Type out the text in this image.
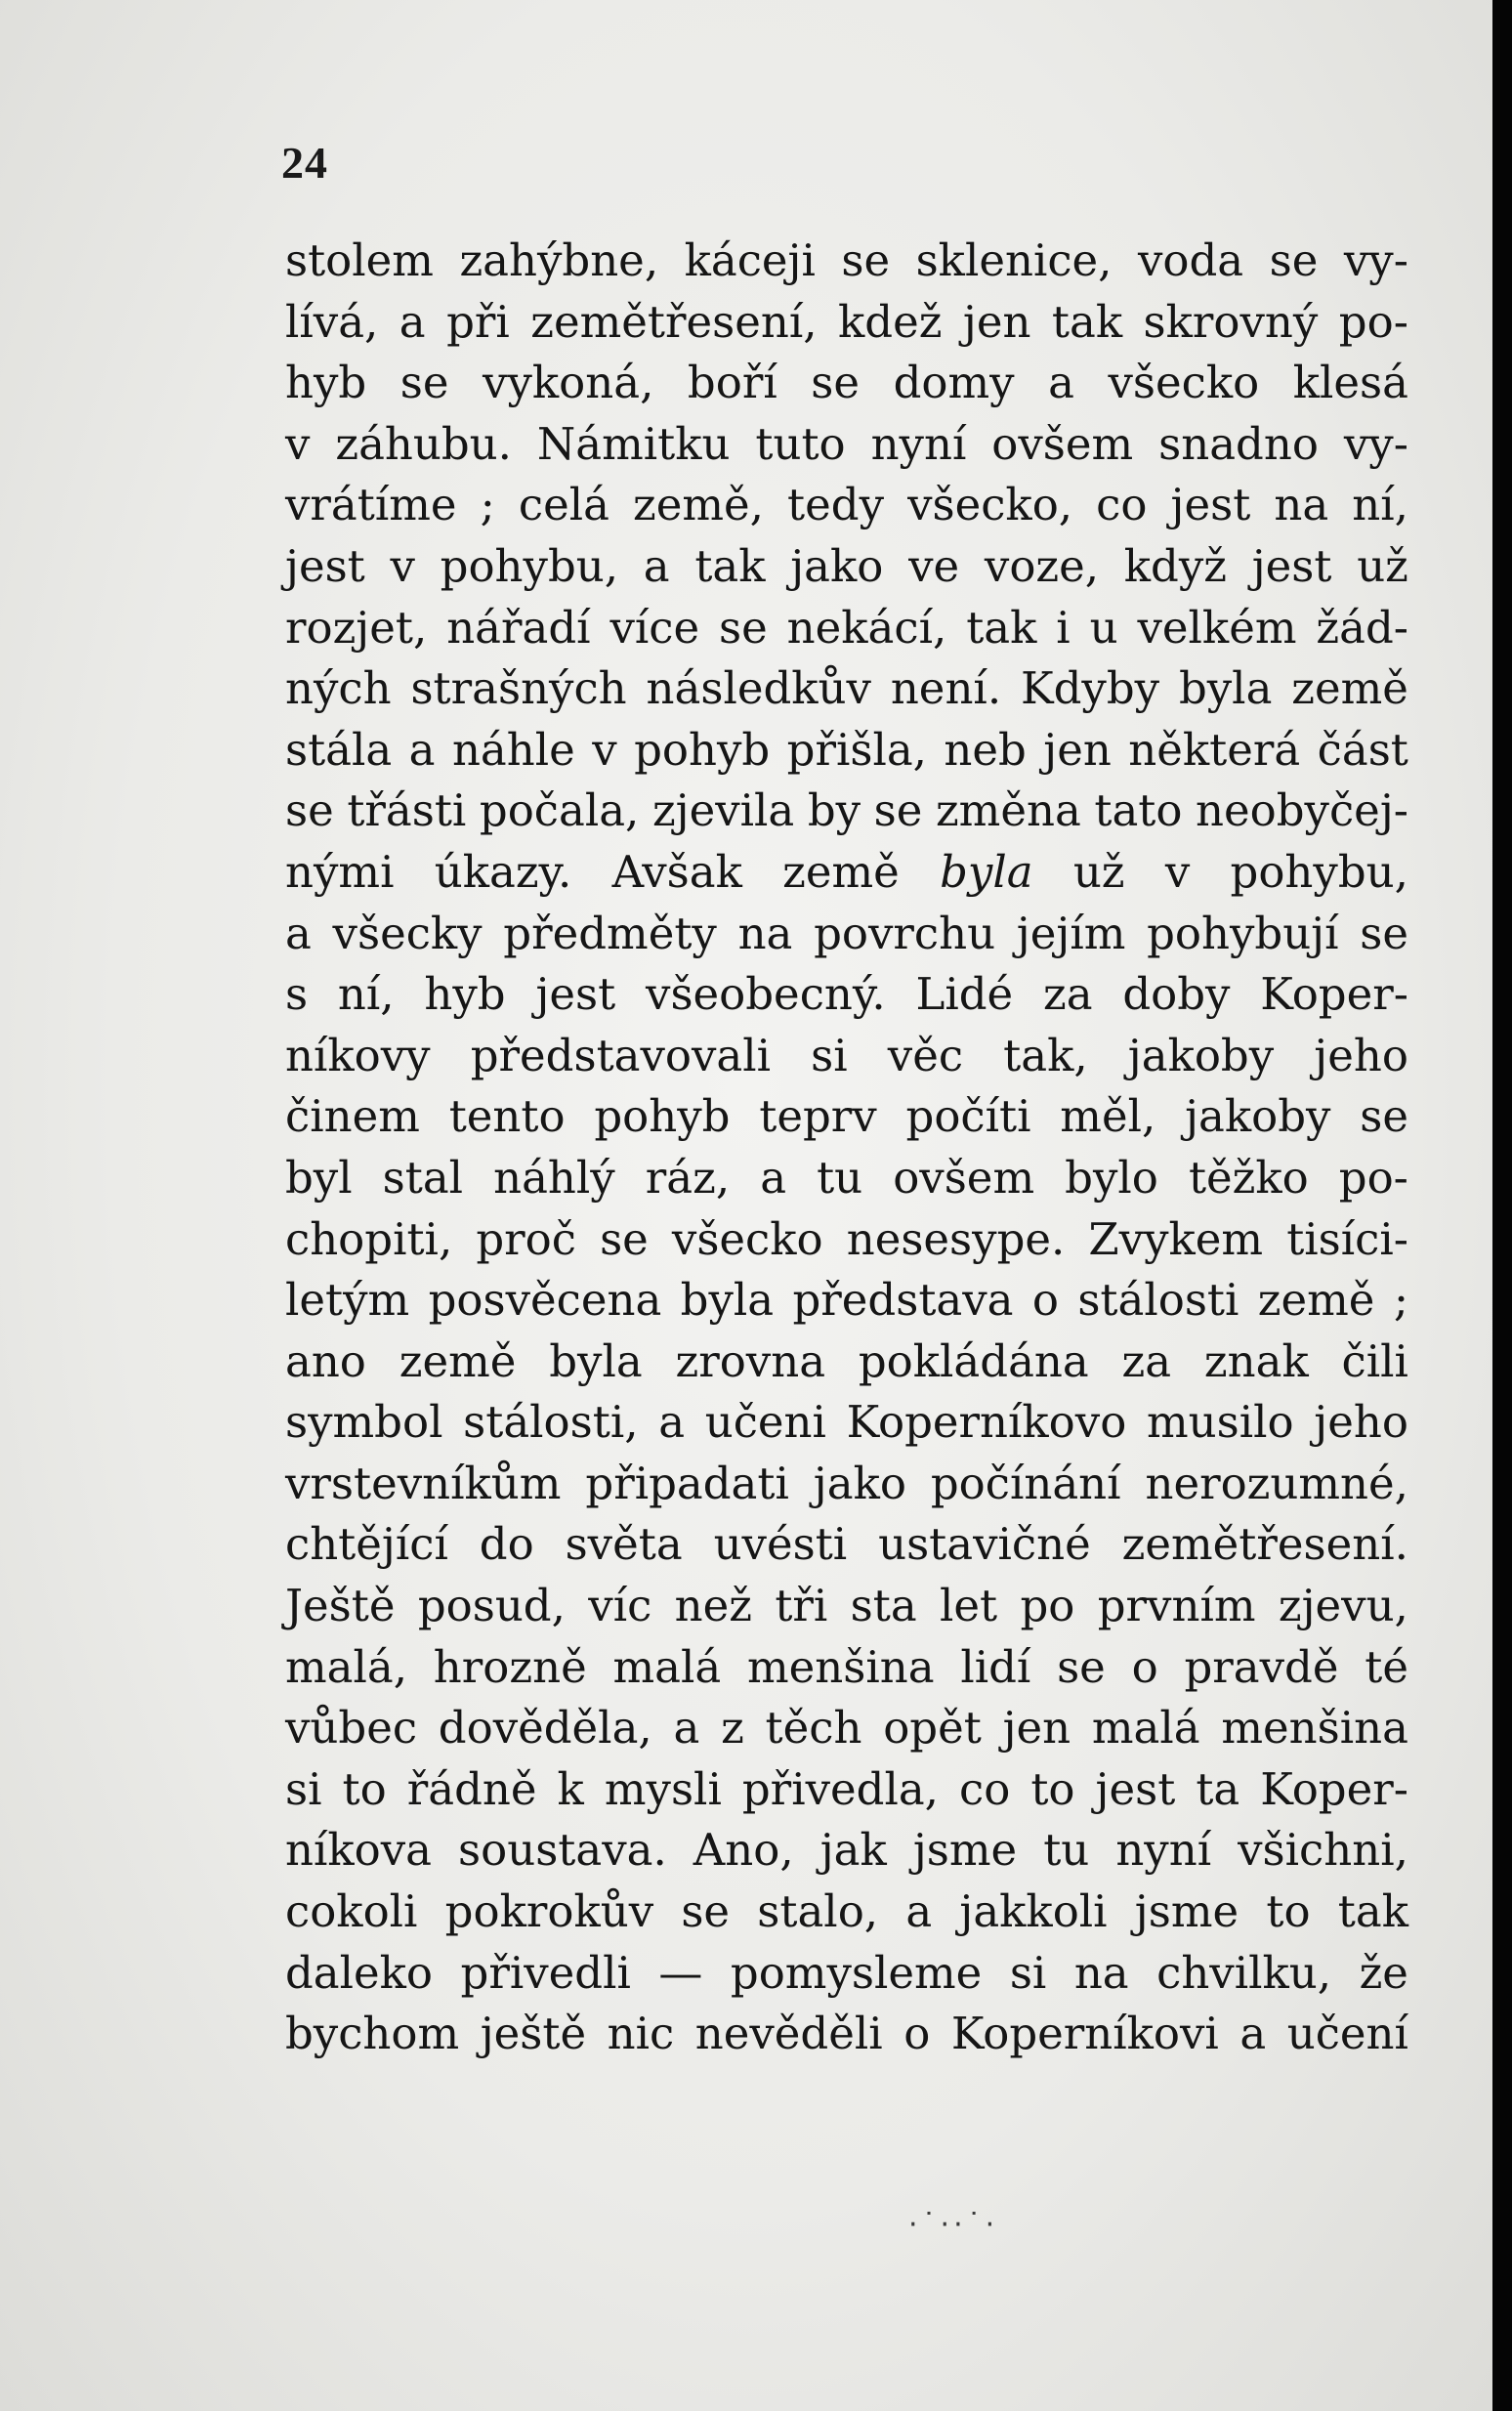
24
stolem zahýbne, káceji se sklenice, voda se vy-
lívá, a při zemětřesení, kdež jen tak skrovný po-
hyb se vykoná, boří se domy a všecko klesá
v záhubu. Námitku tuto nyní ovšem snadno vy-
vrátíme ; celá země, tedy všecko, co jest na ní,
jest v pohybu, a tak jako ve voze, když jest už
rozjet, nářadí více se nekácí, tak i u velkém žád-
ných strašných následkův není. Kdyby byla země
stála a náhle v pohyb přišla, neb jen některá část
se třásti počala, zjevila by se změna tato neobyčej-
nými úkazy. Avšak země byla už v pohybu,
a všecky předměty na povrchu jejím pohybují se
s ní, hyb jest všeobecný. Lidé za doby Koper-
níkovy představovali si věc tak, jakoby jeho
činem tento pohyb teprv počíti měl, jakoby se
byl stal náhlý ráz, a tu ovšem bylo těžko po-
chopiti, proč se všecko nesesype. Zvykem tisíci-
letým posvěcena byla představa o stálosti země ;
ano země byla zrovna pokládána za znak čili
symbol stálosti, a učeni Koperníkovo musilo jeho
vrstevníkům připadati jako počínání nerozumné,
chtějící do světa uvésti ustavičné zemětřesení.
Ještě posud, víc než tři sta let po prvním zjevu,
malá, hrozně malá menšina lidí se o pravdě té
vůbec dověděla, a z těch opět jen malá menšina
si to řádně k mysli přivedla, co to jest ta Koper-
níkova soustava. Ano, jak jsme tu nyní všichni,
cokoli pokrokův se stalo, a jakkoli jsme to tak
daleko přivedli — pomysleme si na chvilku, že
bychom ještě nic nevěděli o Koperníkovi a učení
·˙··˙·
